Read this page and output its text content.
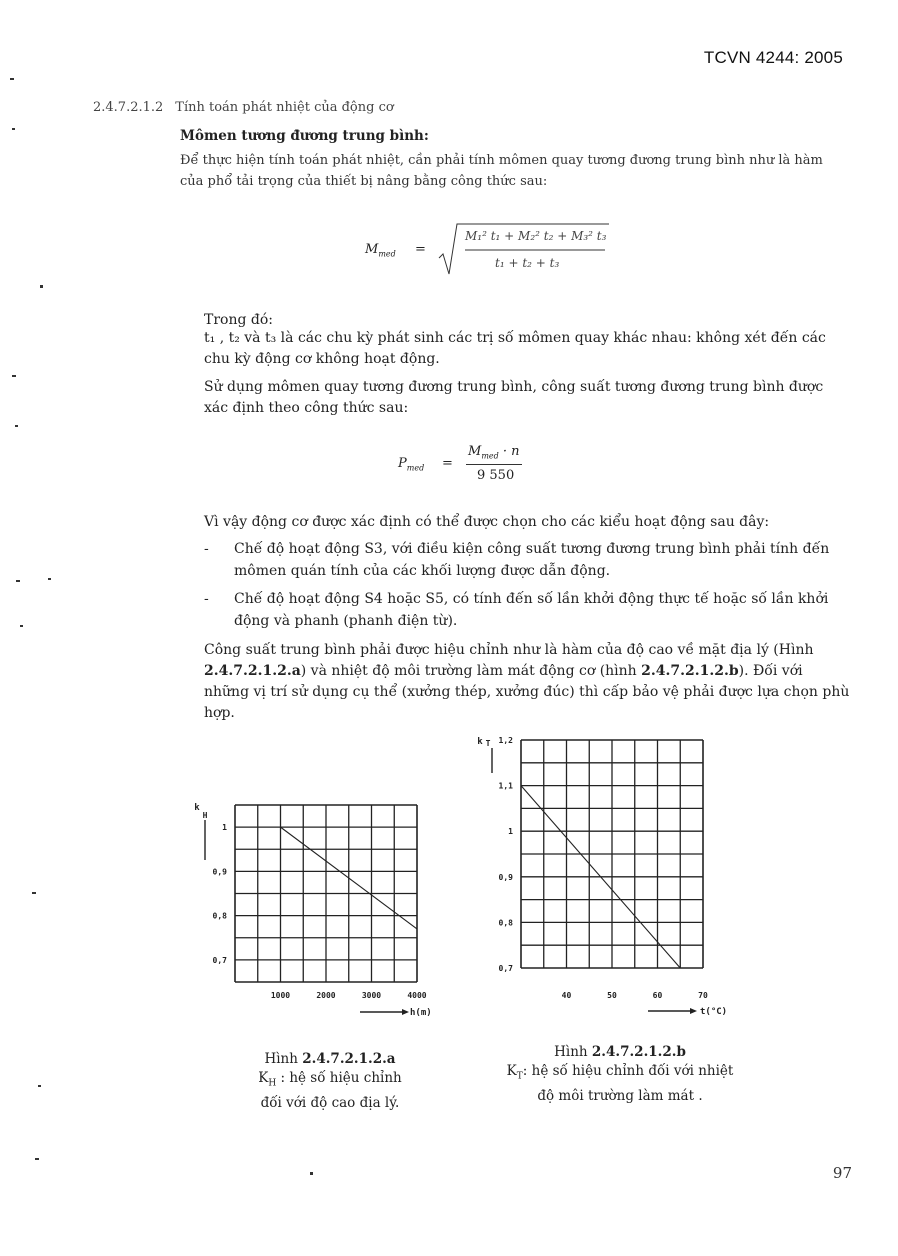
TCVN 4244: 2005
2.4.7.2.1.2 Tính toán phát nhiệt của động cơ
Mômen tương đương trung bình:
Để thực hiện tính toán phát nhiệt, cần phải tính mômen quay tương đương trung bình như là hàm của phổ tải trọng của thiết bị nâng bằng công thức sau:
$M_{med}$ =
M₁² t₁ + M₂² t₂ + M₃² t₃
t₁ + t₂ + t₃
Trong đó:
t₁ , t₂ và t₃ là các chu kỳ phát sinh các trị số mômen quay khác nhau: không xét đến các chu kỳ động cơ không hoạt động.
Sử dụng mômen quay tương đương trung bình, công suất tương đương trung bình được xác định theo công thức sau:
$P_{med}$ =
$M_{med} \cdot n$
9 550
Vì vậy động cơ được xác định có thể được chọn cho các kiểu hoạt động sau đây:
- Chế độ hoạt động S3, với điều kiện công suất tương đương trung bình phải tính đến mômen quán tính của các khối lượng được dẫn động.
- Chế độ hoạt động S4 hoặc S5, có tính đến số lần khởi động thực tế hoặc số lần khởi động và phanh (phanh điện từ).
Công suất trung bình phải được hiệu chỉnh như là hàm của độ cao về mặt địa lý (Hình 2.4.7.2.1.2.a) và nhiệt độ môi trường làm mát động cơ (hình 2.4.7.2.1.2.b). Đối với những vị trí sử dụng cụ thể (xưởng thép, xưởng đúc) thì cấp bảo vệ phải được lựa chọn phù hợp.
1
0,9
0,8
0,7
k
H
1000	2000	3000	4000
h(m)
1,2
1,1
1
0,9
0,8
0,7
k T
40	50	60	70
t(°C)
Hình 2.4.7.2.1.2.a
$K_H$ : hệ số hiệu chỉnh
đối với độ cao địa lý.
Hình 2.4.7.2.1.2.b
$K_T$: hệ số hiệu chỉnh đối với nhiệt
độ môi trường làm mát .
97
